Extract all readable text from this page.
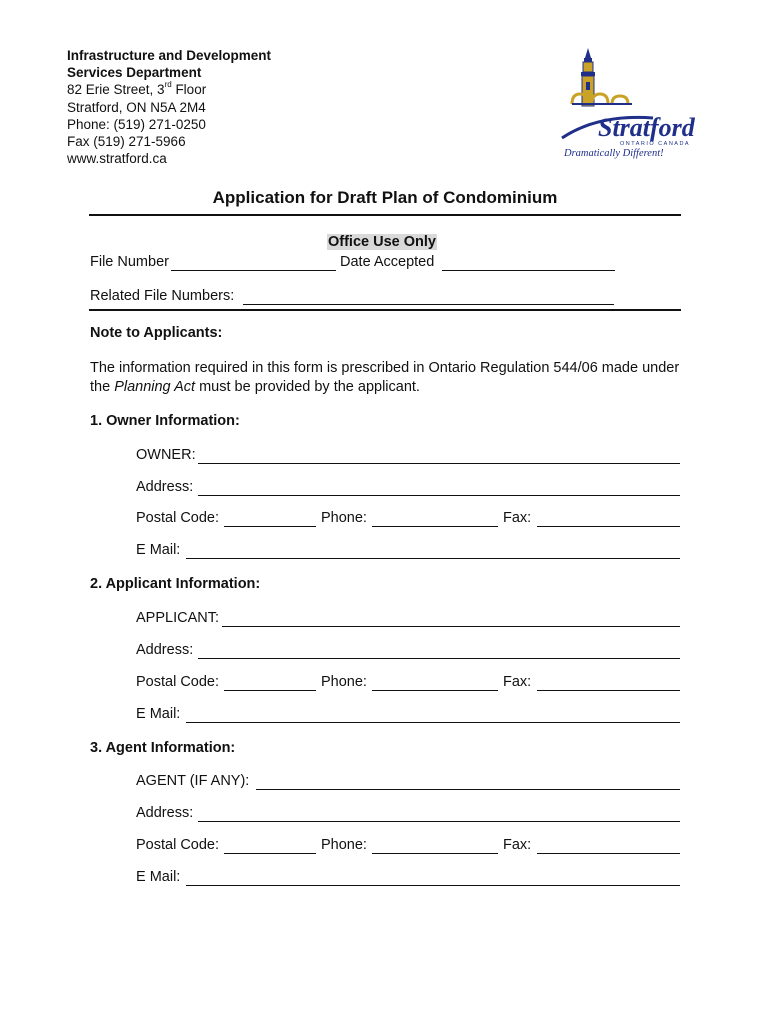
Infrastructure and Development
Services Department
82 Erie Street, 3rd Floor
Stratford, ON N5A 2M4
Phone: (519) 271-0250
Fax (519) 271-5966
www.stratford.ca
Stratford
ONTARIO CANADA
Dramatically Different!
Application for Draft Plan of Condominium
Office Use Only
File Number	Date Accepted
Related File Numbers:
Note to Applicants:
The information required in this form is prescribed in Ontario Regulation 544/06 made under the Planning Act must be provided by the applicant.
1. Owner Information:
OWNER:
Address:
Postal Code:	Phone:	Fax:
E Mail:
2. Applicant Information:
APPLICANT:
Address:
Postal Code:	Phone:	Fax:
E Mail:
3. Agent Information:
AGENT (IF ANY):
Address:
Postal Code:	Phone:	Fax:
E Mail:
